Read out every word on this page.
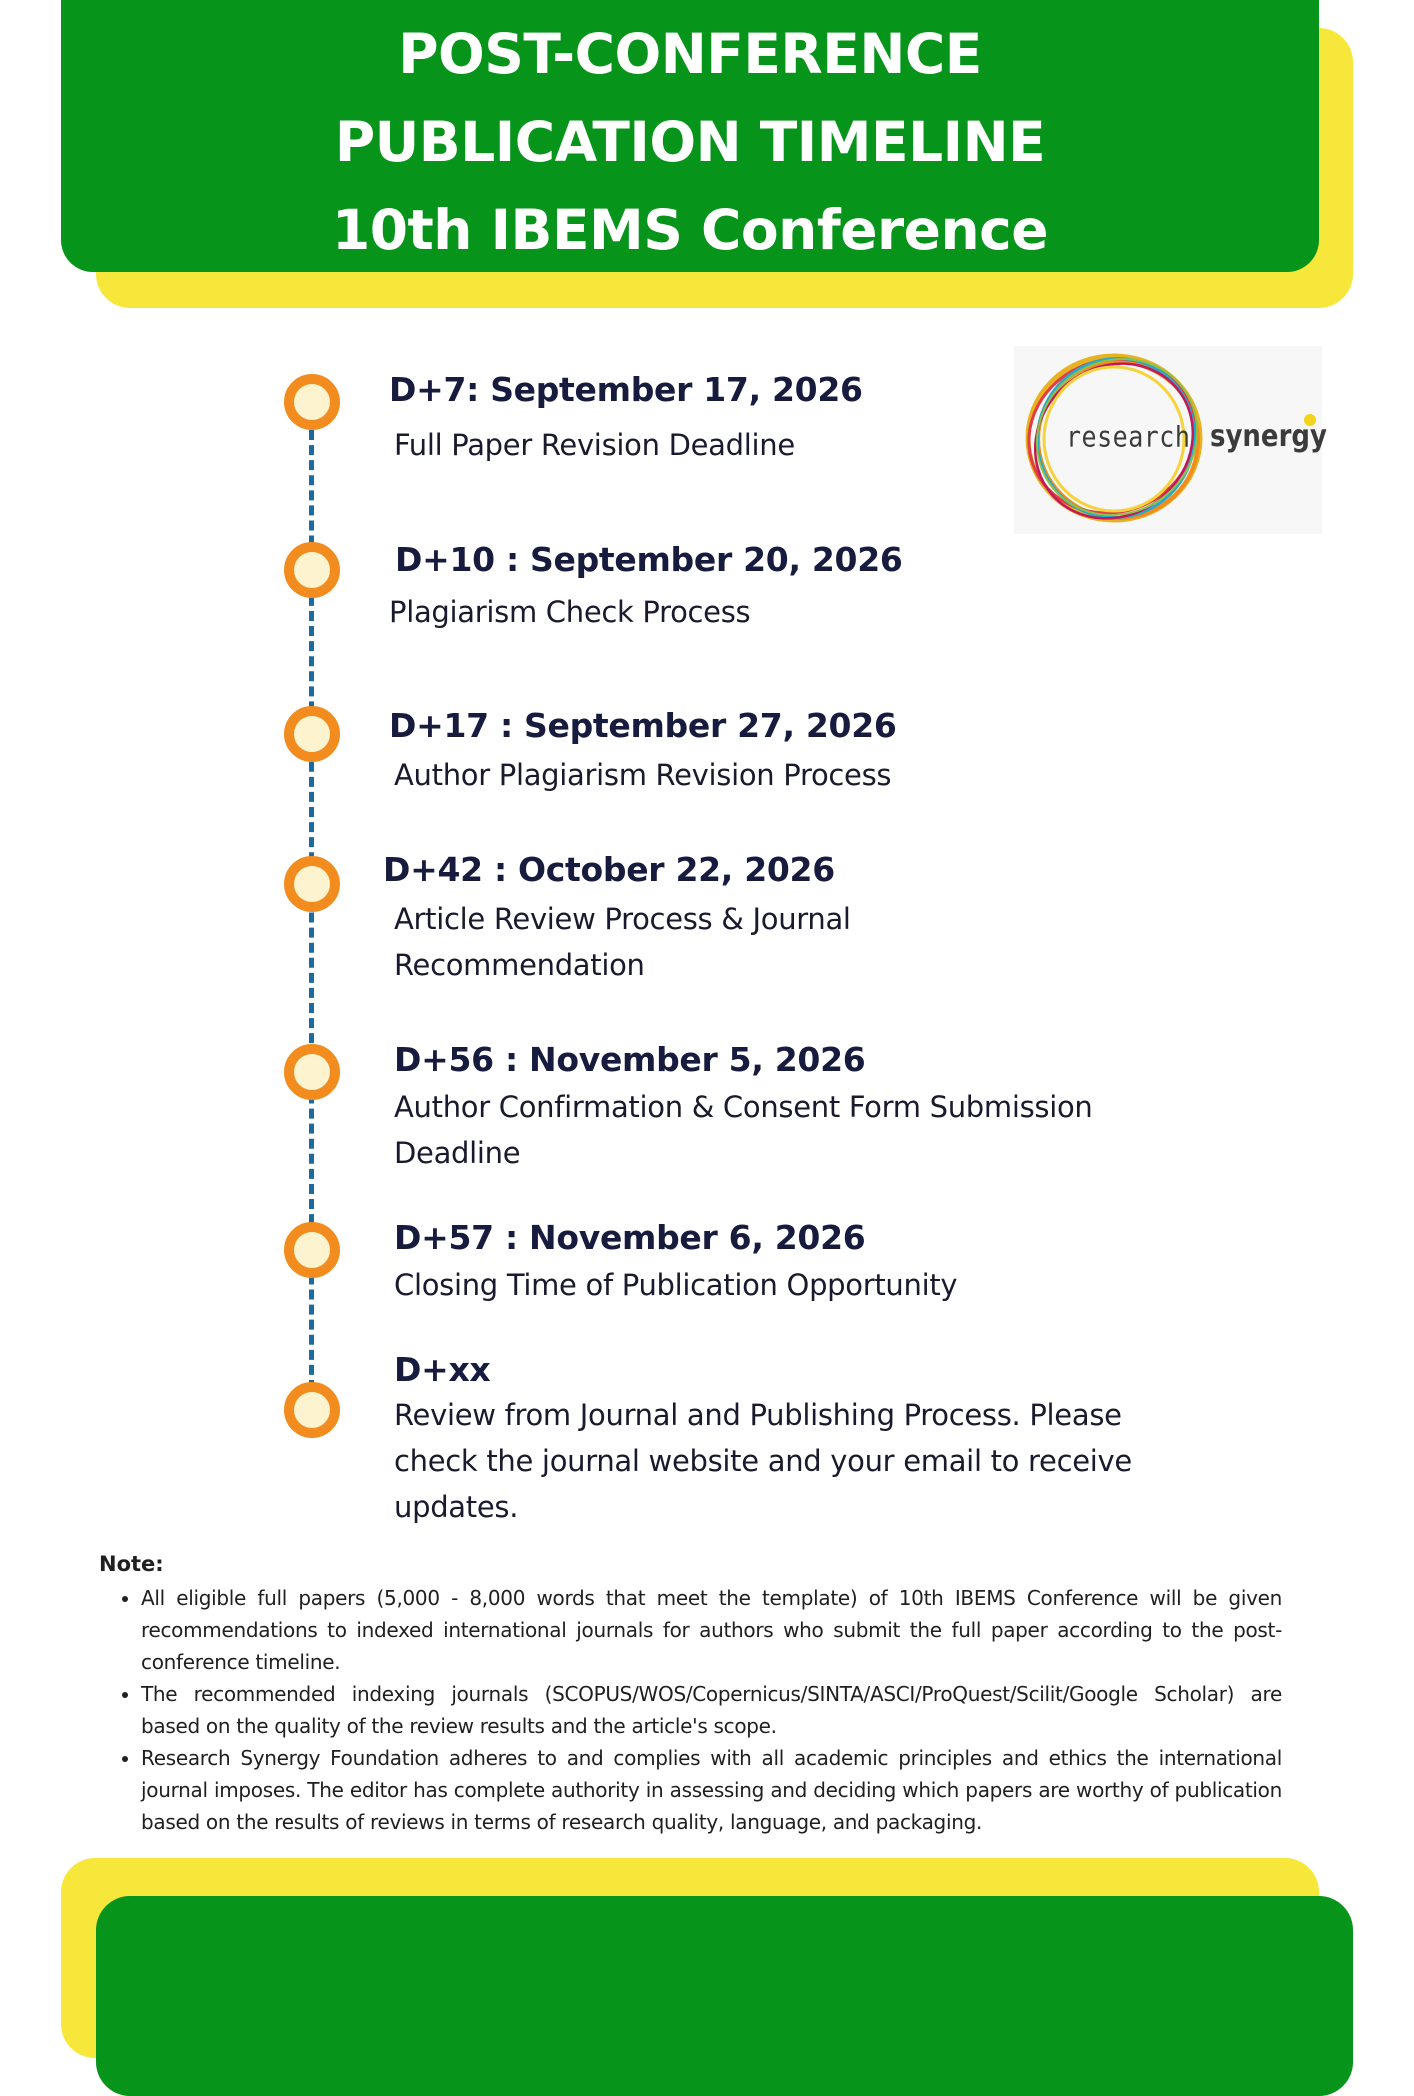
POST-CONFERENCE
PUBLICATION TIMELINE
10th IBEMS Conference
research synergy
D+7: September 17, 2026
Full Paper Revision Deadline
D+10 : September 20, 2026
Plagiarism Check Process
D+17 : September 27, 2026
Author Plagiarism Revision Process
D+42 : October 22, 2026
Article Review Process & Journal Recommendation
D+56 : November 5, 2026
Author Confirmation & Consent Form Submission Deadline
D+57 : November 6, 2026
Closing Time of Publication Opportunity
D+xx
Review from Journal and Publishing Process. Please check the journal website and your email to receive updates.

Note:

• All eligible full papers (5,000 - 8,000 words that meet the template) of 10th IBEMS Conference will be given recommendations to indexed international journals for authors who submit the full paper according to the post-conference timeline.
• The recommended indexing journals (SCOPUS/WOS/Copernicus/SINTA/ASCI/ProQuest/Scilit/Google Scholar) are based on the quality of the review results and the article's scope.
• Research Synergy Foundation adheres to and complies with all academic principles and ethics the international journal imposes. The editor has complete authority in assessing and deciding which papers are worthy of publication based on the results of reviews in terms of research quality, language, and packaging.
